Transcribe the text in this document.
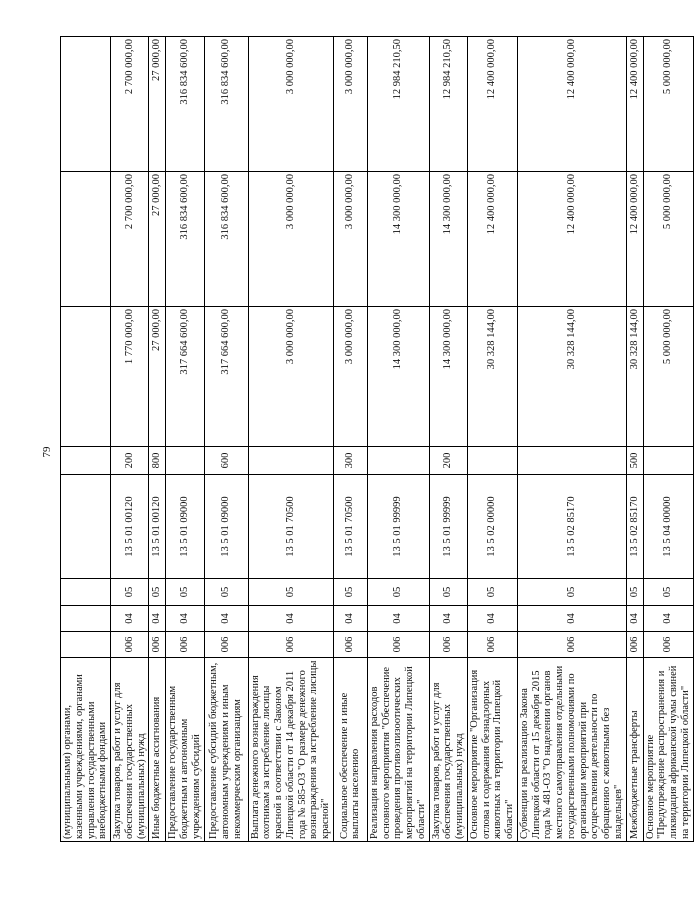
79
(муниципальными) органами, казенными учреждениями, органами управления государственными внебюджетными фондами								
Закупка товаров, работ и услуг для обеспечения государственных (муниципальных) нужд	006	04	05	13 5 01 00120	200	1 770 000,00	2 700 000,00	2 700 000,00
Иные бюджетные ассигнования	006	04	05	13 5 01 00120	800	27 000,00	27 000,00	27 000,00
Предоставление государственным бюджетным и автономным учреждениям субсидий	006	04	05	13 5 01 09000		317 664 600,00	316 834 600,00	316 834 600,00
Предоставление субсидий бюджетным, автономным учреждениям и иным некоммерческим организациям	006	04	05	13 5 01 09000	600	317 664 600,00	316 834 600,00	316 834 600,00
Выплата денежного вознаграждения охотникам за истребление лисицы красной в соответствии с Законом Липецкой области от 14 декабря 2011 года № 585-ОЗ "О размере денежного вознаграждения за истребление лисицы красной"	006	04	05	13 5 01 70500		3 000 000,00	3 000 000,00	3 000 000,00
Социальное обеспечение и иные выплаты населению	006	04	05	13 5 01 70500	300	3 000 000,00	3 000 000,00	3 000 000,00
Реализация направления расходов основного мероприятия "Обеспечение проведения противоэпизоотических мероприятий на территории Липецкой области"	006	04	05	13 5 01 99999		14 300 000,00	14 300 000,00	12 984 210,50
Закупка товаров, работ и услуг для обеспечения государственных (муниципальных) нужд	006	04	05	13 5 01 99999	200	14 300 000,00	14 300 000,00	12 984 210,50
Основное мероприятие "Организация отлова и содержания безнадзорных животных на территории Липецкой области"	006	04	05	13 5 02 00000		30 328 144,00	12 400 000,00	12 400 000,00
Субвенции на реализацию Закона Липецкой области от 15 декабря 2015 года № 481-ОЗ "О наделении органов местного самоуправления отдельными государственными полномочиями по организации мероприятий при осуществлении деятельности по обращению с животными без владельцев"	006	04	05	13 5 02 85170		30 328 144,00	12 400 000,00	12 400 000,00
Межбюджетные трансферты	006	04	05	13 5 02 85170	500	30 328 144,00	12 400 000,00	12 400 000,00
Основное мероприятие "Предупреждение распространения и ликвидация африканской чумы свиней на территории Липецкой области"	006	04	05	13 5 04 00000		5 000 000,00	5 000 000,00	5 000 000,00
